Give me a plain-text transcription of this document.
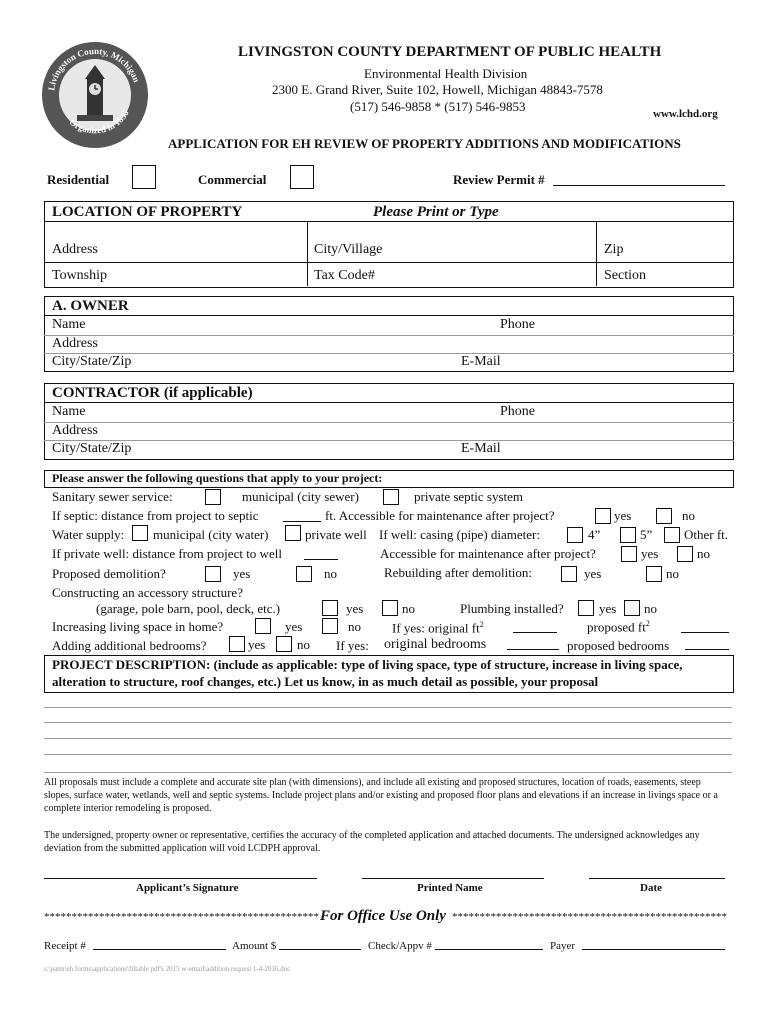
Livingston County, Michigan
Organized in 1836
LIVINGSTON COUNTY DEPARTMENT OF PUBLIC HEALTH
Environmental Health Division
2300 E. Grand River, Suite 102, Howell, Michigan 48843-7578
(517) 546-9858 * (517) 546-9853	www.lchd.org
APPLICATION FOR EH REVIEW OF PROPERTY ADDITIONS AND MODIFICATIONS
Residential	Commercial	Review Permit #
LOCATION OF PROPERTY	Please Print or Type
Address	City/Village	Zip
Township	Tax Code#	Section
A. OWNER
Name	Phone
Address
City/State/Zip	E-Mail
CONTRACTOR (if applicable)
Name	Phone
Address
City/State/Zip	E-Mail
Please answer the following questions that apply to your project:
Sanitary sewer service:	municipal (city sewer)	private septic system
If septic: distance from project to septic	ft. Accessible for maintenance after project?	yes	no
Water supply: municipal (city water)	private well If well: casing (pipe) diameter:	4”	5” Other ft.
If private well: distance from project to well	Accessible for maintenance after project?	yes	no
Proposed demolition?	yes	no	Rebuilding after demolition:	yes	no
Constructing an accessory structure?
(garage, pole barn, pool, deck, etc.)	yes	no	Plumbing installed?	yes no
Increasing living space in home?	yes	no If yes: original $ft^2$	proposed $ft^2$
Adding additional bedrooms?	yes no If yes: original bedrooms	proposed bedrooms
PROJECT DESCRIPTION: (include as applicable: type of living space, type of structure, increase in living space, alteration to structure, roof changes, etc.) Let us know, in as much detail as possible, your proposal
All proposals must include a complete and accurate site plan (with dimensions), and include all existing and proposed structures, location of roads, easements, steep slopes, surface water, wetlands, well and septic systems. Include project plans and/or existing and proposed floor plans and elevations if an increase in livings space or a complete interior remodeling is proposed.
The undersigned, property owner or representative, certifies the accuracy of the completed application and attached documents. The undersigned acknowledges any deviation from the submitted application will void LCDPH approval.
Applicant’s Signature	Printed Name	Date
************************************************** For Office Use Only **************************************************
Receipt #	Amount $	Check/Appv #	Payer
s:\patm\eh forms\applications\fillable pdf's 2015 w-email\addition request 1-4-2016.doc
